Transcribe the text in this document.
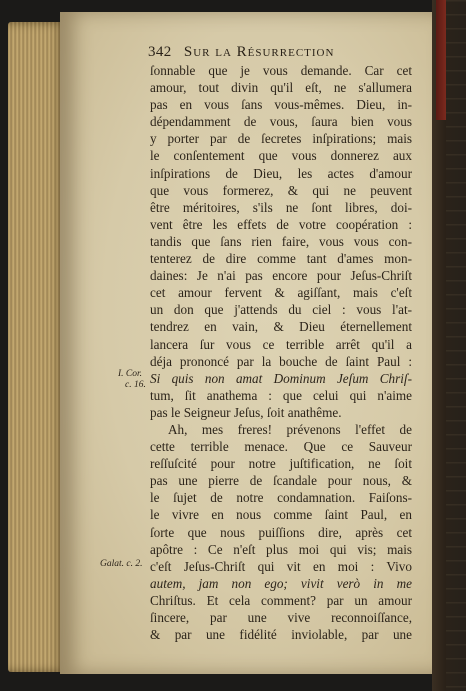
342 Sur la Résurrection
I. Cor.
c. 16.
Galat. c. 2.
ſonnable que je vous demande. Car cet
amour, tout divin qu'il eſt, ne s'allumera
pas en vous ſans vous-mêmes. Dieu, in-
dépendamment de vous, ſaura bien vous
y porter par de ſecretes inſpirations; mais
le conſentement que vous donnerez aux
inſpirations de Dieu, les actes d'amour
que vous formerez, & qui ne peuvent
être méritoires, s'ils ne ſont libres, doi-
vent être les effets de votre coopération :
tandis que ſans rien faire, vous vous con-
tenterez de dire comme tant d'ames mon-
daines: Je n'ai pas encore pour Jeſus-Chriſt
cet amour fervent & agiſſant, mais c'eſt
un don que j'attends du ciel : vous l'at-
tendrez en vain, & Dieu éternellement
lancera ſur vous ce terrible arrêt qu'il a
déja prononcé par la bouche de ſaint Paul :
Si quis non amat Dominum Jeſum Chriſ-
tum, ſit anathema : que celui qui n'aime
pas le Seigneur Jeſus, ſoit anathême.
Ah, mes freres! prévenons l'effet de
cette terrible menace. Que ce Sauveur
reſſuſcité pour notre juſtification, ne ſoit
pas une pierre de ſcandale pour nous, &
le ſujet de notre condamnation. Faiſons-
le vivre en nous comme ſaint Paul, en
ſorte que nous puiſſions dire, après cet
apôtre : Ce n'eſt plus moi qui vis; mais
c'eſt Jeſus-Chriſt qui vit en moi : Vivo
autem, jam non ego; vivit verò in me
Chriſtus. Et cela comment? par un amour
ſincere, par une vive reconnoiſſance,
& par une fidélité inviolable, par une
